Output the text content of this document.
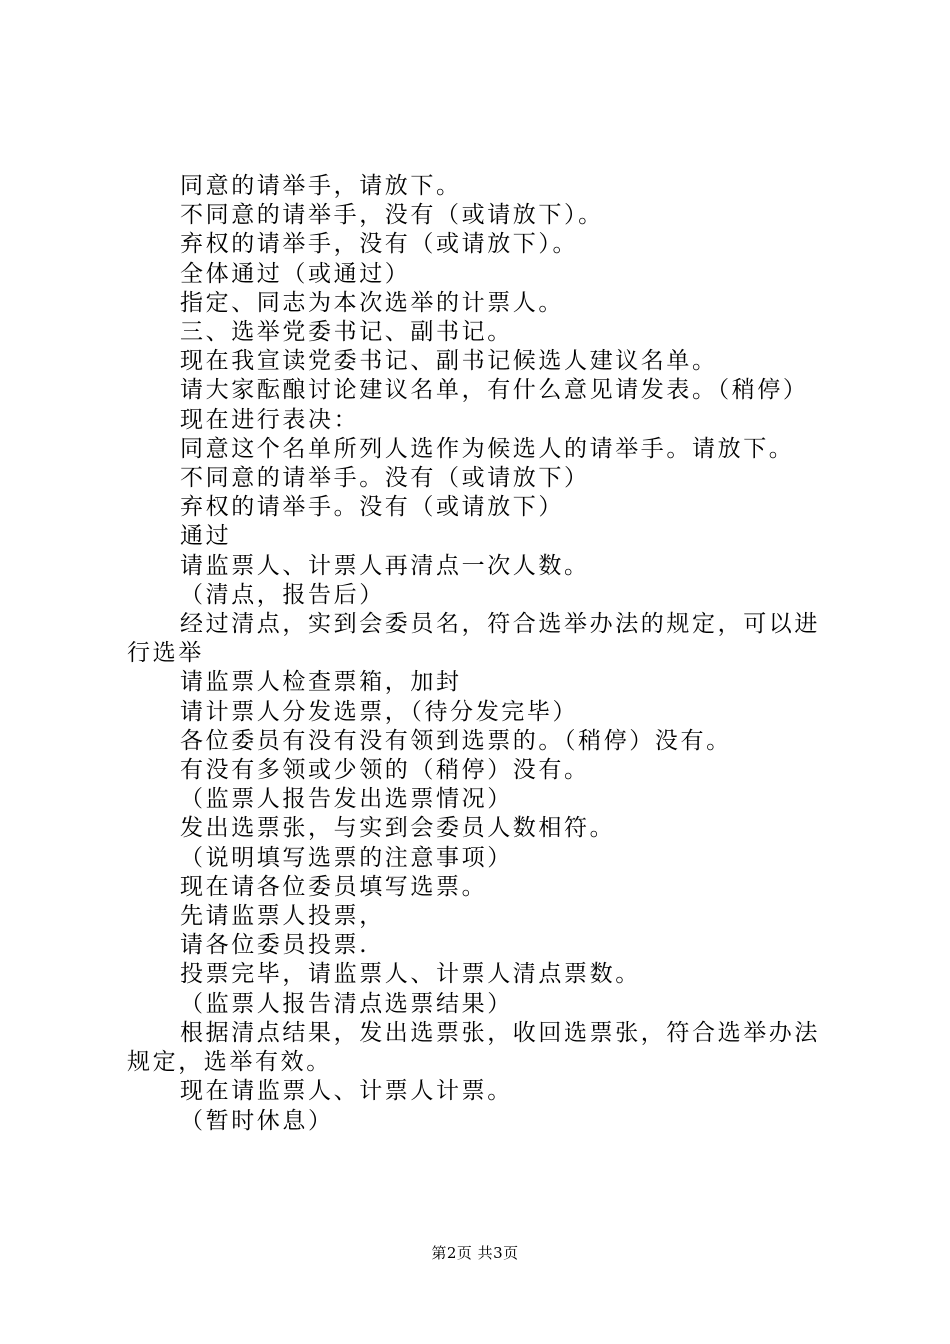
同意的请举手，请放下。

不同意的请举手，没有（或请放下）。

弃权的请举手，没有（或请放下）。

全体通过（或通过）

指定、同志为本次选举的计票人。

三、选举党委书记、副书记。

现在我宣读党委书记、副书记候选人建议名单。

请大家酝酿讨论建议名单，有什么意见请发表。（稍停）

现在进行表决：

同意这个名单所列人选作为候选人的请举手。请放下。

不同意的请举手。没有（或请放下）

弃权的请举手。没有（或请放下）

通过

请监票人、计票人再清点一次人数。

（清点，报告后）

经过清点，实到会委员名，符合选举办法的规定，可以进行选举

请监票人检查票箱，加封

请计票人分发选票，（待分发完毕）

各位委员有没有没有领到选票的。（稍停）没有。

有没有多领或少领的（稍停）没有。

（监票人报告发出选票情况）

发出选票张，与实到会委员人数相符。

（说明填写选票的注意事项）

现在请各位委员填写选票。

先请监票人投票，

请各位委员投票.

投票完毕，请监票人、计票人清点票数。

（监票人报告清点选票结果）

根据清点结果，发出选票张，收回选票张，符合选举办法规定，选举有效。

现在请监票人、计票人计票。

（暂时休息）

第2页 共3页
